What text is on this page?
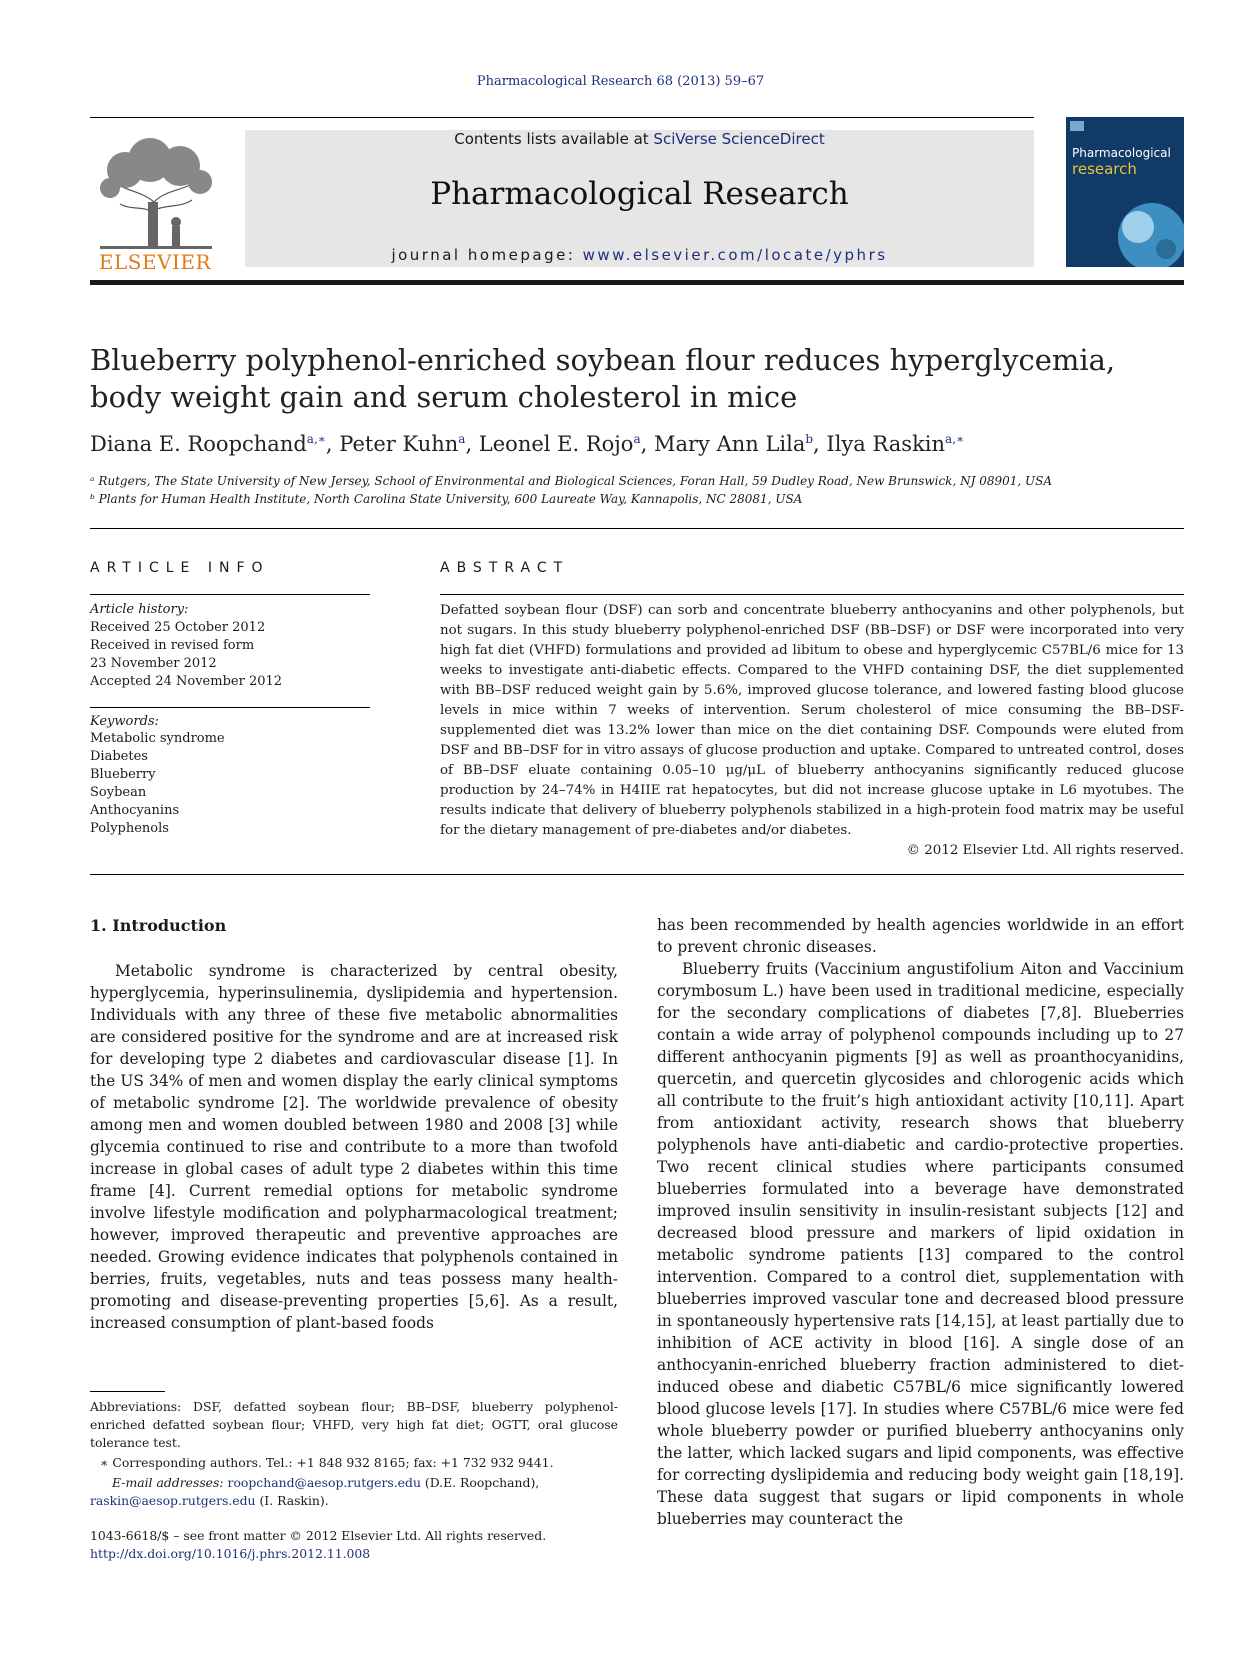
Pharmacological Research 68 (2013) 59–67
ELSEVIER
Contents lists available at SciVerse ScienceDirect
Pharmacological Research
journal homepage: www.elsevier.com/locate/yphrs
Pharmacological
research
Blueberry polyphenol-enriched soybean flour reduces hyperglycemia, body weight gain and serum cholesterol in mice
Diana E. Roopchand$^{a,∗}$, Peter Kuhn$^a$, Leonel E. Rojo$^a$, Mary Ann Lila$^b$, Ilya Raskin$^{a,∗}$
ᵃ Rutgers, The State University of New Jersey, School of Environmental and Biological Sciences, Foran Hall, 59 Dudley Road, New Brunswick, NJ 08901, USA
ᵇ Plants for Human Health Institute, North Carolina State University, 600 Laureate Way, Kannapolis, NC 28081, USA
ARTICLE INFO
Article history:
Received 25 October 2012
Received in revised form
23 November 2012
Accepted 24 November 2012
Keywords:
Metabolic syndrome
Diabetes
Blueberry
Soybean
Anthocyanins
Polyphenols
ABSTRACT
Defatted soybean flour (DSF) can sorb and concentrate blueberry anthocyanins and other polyphenols, but not sugars. In this study blueberry polyphenol-enriched DSF (BB–DSF) or DSF were incorporated into very high fat diet (VHFD) formulations and provided ad libitum to obese and hyperglycemic C57BL/6 mice for 13 weeks to investigate anti-diabetic effects. Compared to the VHFD containing DSF, the diet supplemented with BB–DSF reduced weight gain by 5.6%, improved glucose tolerance, and lowered fasting blood glucose levels in mice within 7 weeks of intervention. Serum cholesterol of mice consuming the BB–DSF-supplemented diet was 13.2% lower than mice on the diet containing DSF. Compounds were eluted from DSF and BB–DSF for in vitro assays of glucose production and uptake. Compared to untreated control, doses of BB–DSF eluate containing 0.05–10 μg/μL of blueberry anthocyanins significantly reduced glucose production by 24–74% in H4IIE rat hepatocytes, but did not increase glucose uptake in L6 myotubes. The results indicate that delivery of blueberry polyphenols stabilized in a high-protein food matrix may be useful for the dietary management of pre-diabetes and/or diabetes.
© 2012 Elsevier Ltd. All rights reserved.
1. Introduction

Metabolic syndrome is characterized by central obesity, hyperglycemia, hyperinsulinemia, dyslipidemia and hypertension. Individuals with any three of these five metabolic abnormalities are considered positive for the syndrome and are at increased risk for developing type 2 diabetes and cardiovascular disease [1]. In the US 34% of men and women display the early clinical symptoms of metabolic syndrome [2]. The worldwide prevalence of obesity among men and women doubled between 1980 and 2008 [3] while glycemia continued to rise and contribute to a more than twofold increase in global cases of adult type 2 diabetes within this time frame [4]. Current remedial options for metabolic syndrome involve lifestyle modification and polypharmacological treatment; however, improved therapeutic and preventive approaches are needed. Growing evidence indicates that polyphenols contained in berries, fruits, vegetables, nuts and teas possess many health-promoting and disease-preventing properties [5,6]. As a result, increased consumption of plant-based foods

has been recommended by health agencies worldwide in an effort to prevent chronic diseases.

Blueberry fruits (Vaccinium angustifolium Aiton and Vaccinium corymbosum L.) have been used in traditional medicine, especially for the secondary complications of diabetes [7,8]. Blueberries contain a wide array of polyphenol compounds including up to 27 different anthocyanin pigments [9] as well as proanthocyanidins, quercetin, and quercetin glycosides and chlorogenic acids which all contribute to the fruit’s high antioxidant activity [10,11]. Apart from antioxidant activity, research shows that blueberry polyphenols have anti-diabetic and cardio-protective properties. Two recent clinical studies where participants consumed blueberries formulated into a beverage have demonstrated improved insulin sensitivity in insulin-resistant subjects [12] and decreased blood pressure and markers of lipid oxidation in metabolic syndrome patients [13] compared to the control intervention. Compared to a control diet, supplementation with blueberries improved vascular tone and decreased blood pressure in spontaneously hypertensive rats [14,15], at least partially due to inhibition of ACE activity in blood [16]. A single dose of an anthocyanin-enriched blueberry fraction administered to diet-induced obese and diabetic C57BL/6 mice significantly lowered blood glucose levels [17]. In studies where C57BL/6 mice were fed whole blueberry powder or purified blueberry anthocyanins only the latter, which lacked sugars and lipid components, was effective for correcting dyslipidemia and reducing body weight gain [18,19]. These data suggest that sugars or lipid components in whole blueberries may counteract the

Abbreviations: DSF, defatted soybean flour; BB–DSF, blueberry polyphenol-enriched defatted soybean flour; VHFD, very high fat diet; OGTT, oral glucose tolerance test.

∗ Corresponding authors. Tel.: +1 848 932 8165; fax: +1 732 932 9441.

E-mail addresses: roopchand@aesop.rutgers.edu (D.E. Roopchand),

raskin@aesop.rutgers.edu (I. Raskin).

1043-6618/$ – see front matter © 2012 Elsevier Ltd. All rights reserved.
http://dx.doi.org/10.1016/j.phrs.2012.11.008
